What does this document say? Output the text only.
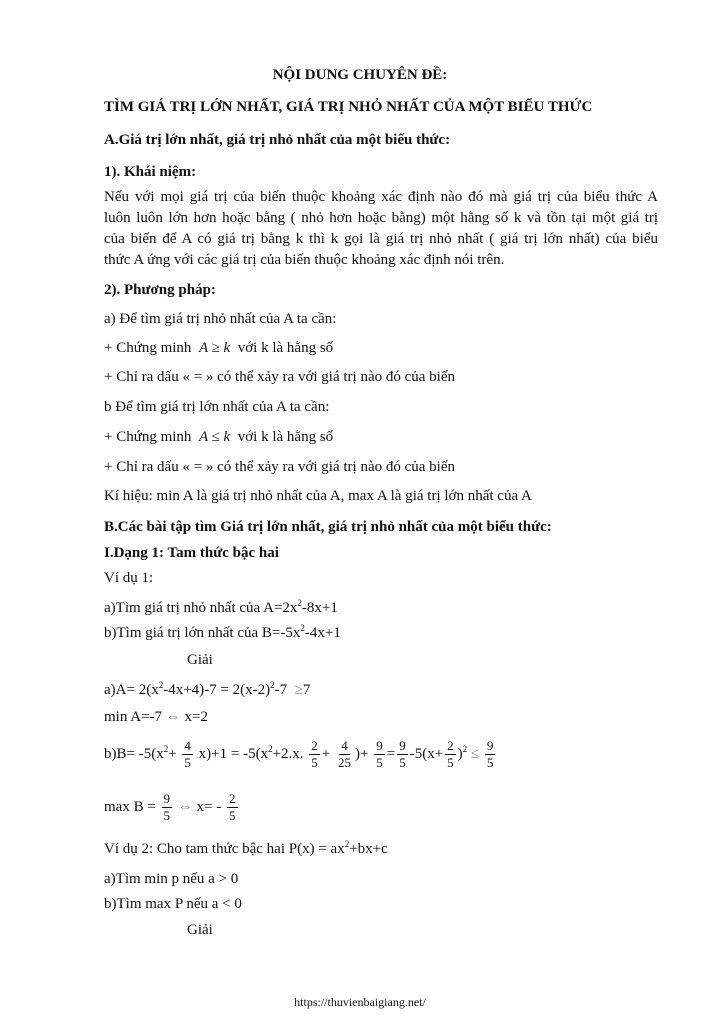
NỘI DUNG CHUYÊN ĐỀ:
TÌM GIÁ TRỊ LỚN NHẤT, GIÁ TRỊ NHỎ NHẤT CỦA MỘT BIỂU THỨC
A.Giá trị lớn nhất, giá trị nhỏ nhất của một biểu thức:
1). Khái niệm:
Nếu với mọi giá trị của biến thuộc khoảng xác định nào đó mà giá trị của biểu thức A
luôn luôn lớn hơn hoặc bằng ( nhỏ hơn hoặc bằng) một hằng số k và tồn tại một giá trị
của biến để A có giá trị bằng k thì k gọi là giá trị nhỏ nhất ( giá trị lớn nhất) của biểu
thức A ứng với các giá trị của biến thuộc khoảng xác định nói trên.
2). Phương pháp:
a) Để tìm giá trị nhỏ nhất của A ta cần:
+ Chứng minh A ≥ k với k là hằng số
+ Chỉ ra dấu « = » có thể xảy ra với giá trị nào đó của biến
b Để tìm giá trị lớn nhất của A ta cần:
+ Chứng minh A ≤ k với k là hằng số
+ Chỉ ra dấu « = » có thể xảy ra với giá trị nào đó của biến
Kí hiệu: min A là giá trị nhỏ nhất của A, max A là giá trị lớn nhất của A
B.Các bài tập tìm Giá trị lớn nhất, giá trị nhỏ nhất của một biểu thức:
I.Dạng 1: Tam thức bậc hai
Ví dụ 1:
a)Tìm giá trị nhỏ nhất của $A=2x^2-8x+1$
b)Tìm giá trị lớn nhất của $B=-5x^2-4x+1$
Giải
$a)A= 2(x^2-4x+4)-7 = 2(x-2)^2-7 \ge 7$
min A=-7 ⇔ x=2
$b)B= -5(x^2+ \frac{4}{5} x)+1 = -5(x^2+2.x$. $\frac{2}{5} + \frac{4}{25}$ )+ $\frac{9}{5} = \frac{9}{5} -5(x+ \frac{2}{5} )^2 \le \frac{9}{5}$
$\max B = \frac{9}{5}$ ⇔ $x= - \frac{2}{5}$
Ví dụ 2: Cho tam thức bậc hai $P(x) = ax^2+bx+c$
a)Tìm min p nếu a > 0
b)Tìm max P nếu a < 0
Giải
https://thuvienbaigiang.net/
